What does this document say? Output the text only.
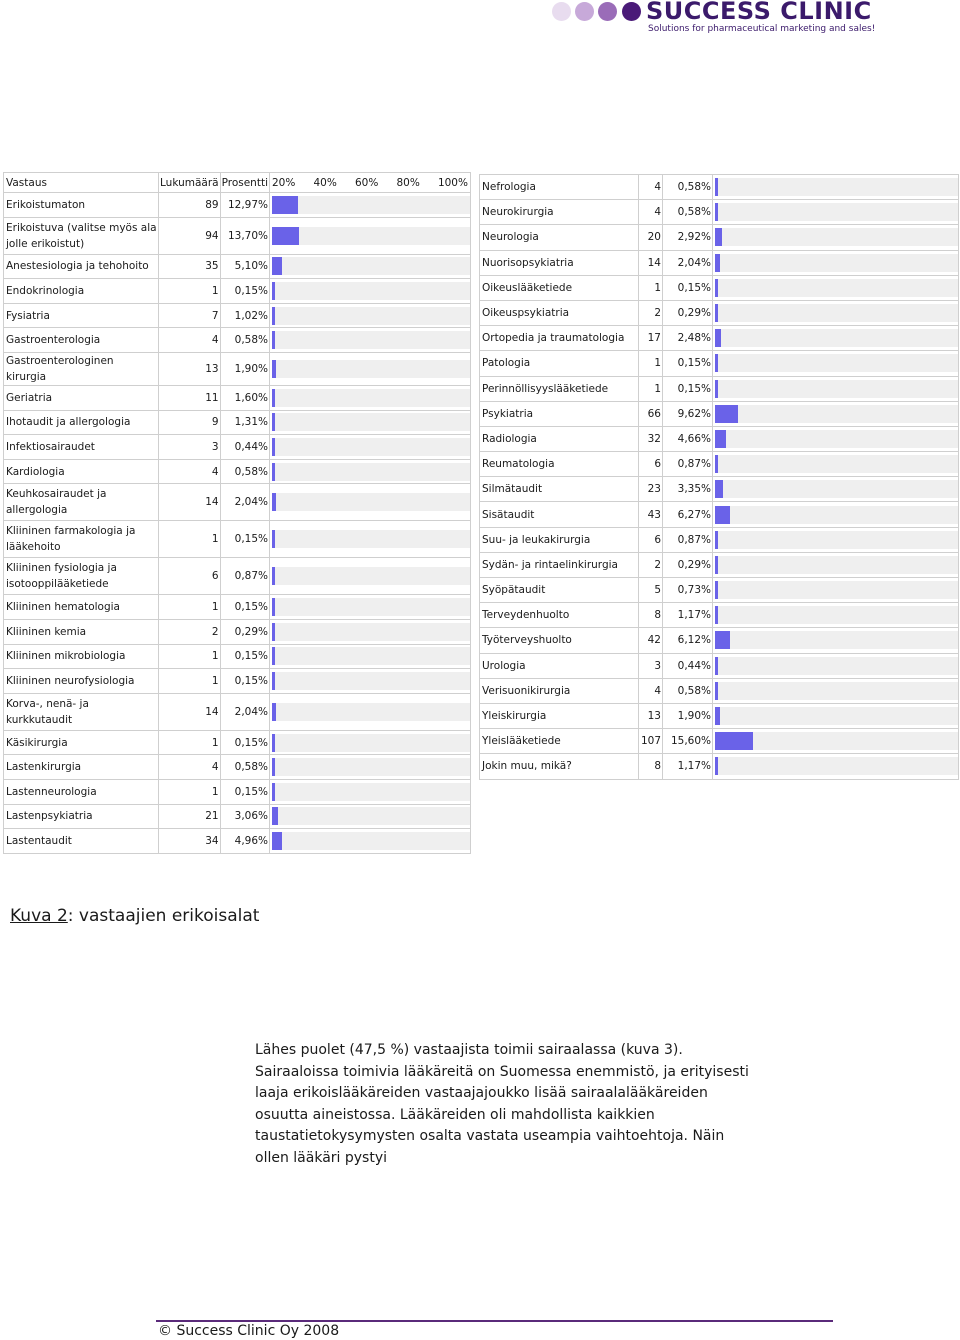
SUCCESS CLINIC
Solutions for pharmaceutical marketing and sales!
Vastaus	Lukumäärä	Prosentti	20% 40% 60% 80% 100%

Erikoistumaton	89	12,97%	

Erikoistuva (valitse myös ala jolle erikoistut)	94	13,70%	

Anestesiologia ja tehohoito	35	5,10%	

Endokrinologia	1	0,15%	

Fysiatria	7	1,02%	

Gastroenterologia	4	0,58%	

Gastroenterologinen kirurgia	13	1,90%	

Geriatria	11	1,60%	

Ihotaudit ja allergologia	9	1,31%	

Infektiosairaudet	3	0,44%	

Kardiologia	4	0,58%	

Keuhkosairaudet ja allergologia	14	2,04%	

Kliininen farmakologia ja lääkehoito	1	0,15%	

Kliininen fysiologia ja isotooppilääketiede	6	0,87%	

Kliininen hematologia	1	0,15%	

Kliininen kemia	2	0,29%	

Kliininen mikrobiologia	1	0,15%	

Kliininen neurofysiologia	1	0,15%	

Korva-, nenä- ja kurkkutaudit	14	2,04%	

Käsikirurgia	1	0,15%	

Lastenkirurgia	4	0,58%	

Lastenneurologia	1	0,15%	

Lastenpsykiatria	21	3,06%	

Lastentaudit	34	4,96%	
Nefrologia	4	0,58%	

Neurokirurgia	4	0,58%	

Neurologia	20	2,92%	

Nuorisopsykiatria	14	2,04%	

Oikeuslääketiede	1	0,15%	

Oikeuspsykiatria	2	0,29%	

Ortopedia ja traumatologia	17	2,48%	

Patologia	1	0,15%	

Perinnöllisyyslääketiede	1	0,15%	

Psykiatria	66	9,62%	

Radiologia	32	4,66%	

Reumatologia	6	0,87%	

Silmätaudit	23	3,35%	

Sisätaudit	43	6,27%	

Suu- ja leukakirurgia	6	0,87%	

Sydän- ja rintaelinkirurgia	2	0,29%	

Syöpätaudit	5	0,73%	

Terveydenhuolto	8	1,17%	

Työterveyshuolto	42	6,12%	

Urologia	3	0,44%	

Verisuonikirurgia	4	0,58%	

Yleiskirurgia	13	1,90%	

Yleislääketiede	107	15,60%	

Jokin muu, mikä?	8	1,17%	
Kuva 2: vastaajien erikoisalat
Lähes puolet (47,5 %) vastaajista toimii sairaalassa (kuva 3). Sairaaloissa toimivia lääkäreitä on Suomessa enemmistö, ja erityisesti laaja erikoislääkäreiden vastaajajoukko lisää sairaalalääkäreiden osuutta aineistossa. Lääkäreiden oli mahdollista kaikkien taustatietokysymysten osalta vastata useampia vaihtoehtoja. Näin ollen lääkäri pystyi
© Success Clinic Oy 2008
